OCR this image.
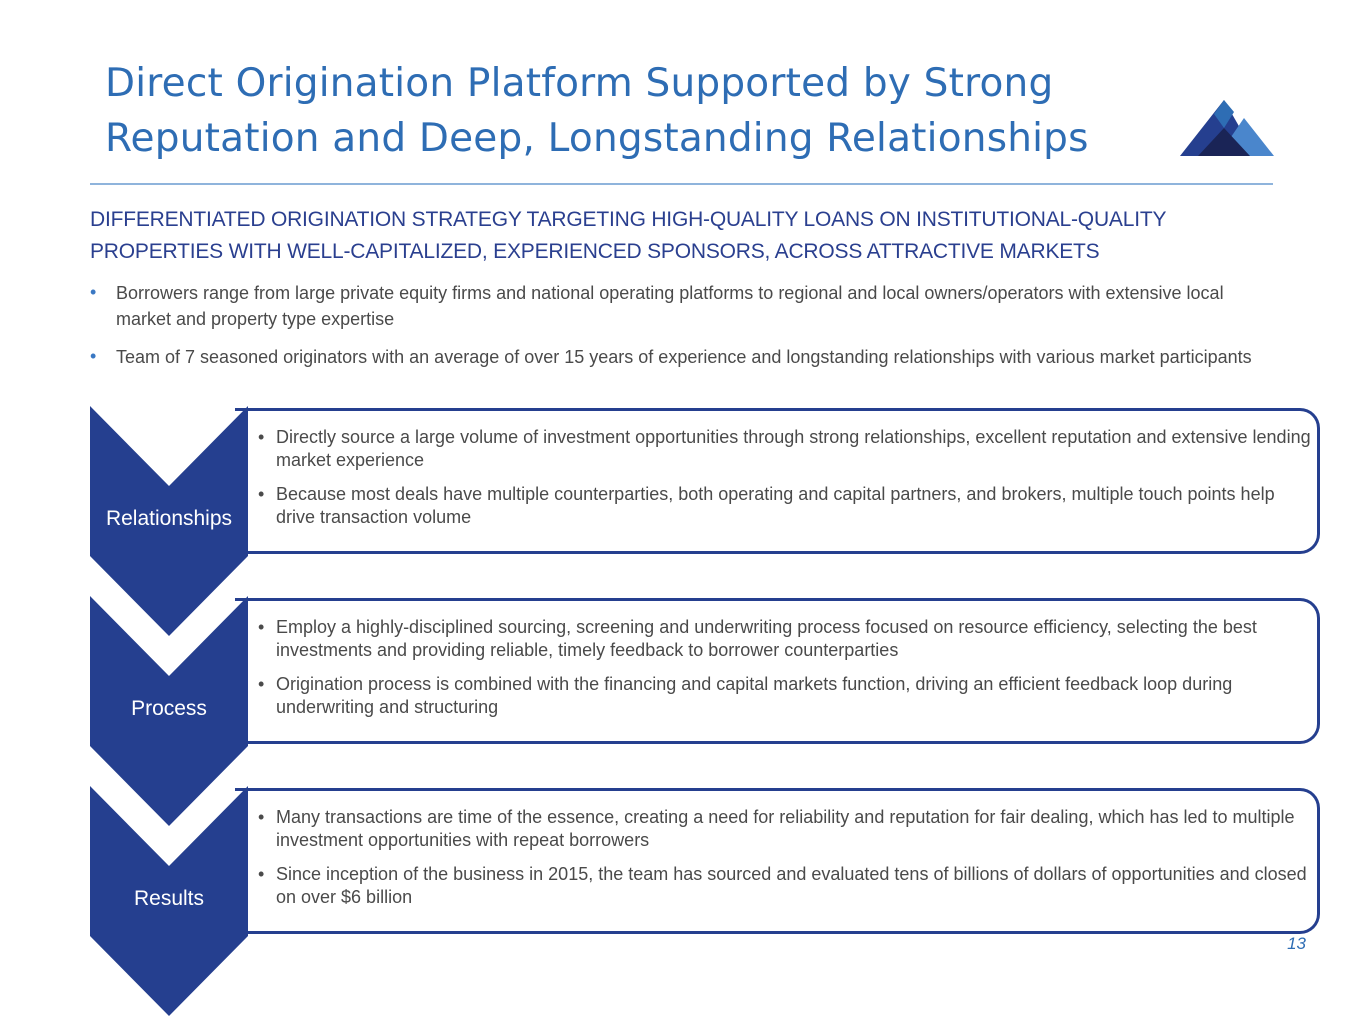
Direct Origination Platform Supported by Strong Reputation and Deep, Longstanding Relationships
DIFFERENTIATED ORIGINATION STRATEGY TARGETING HIGH-QUALITY LOANS ON INSTITUTIONAL-QUALITY PROPERTIES WITH WELL-CAPITALIZED, EXPERIENCED SPONSORS, ACROSS ATTRACTIVE MARKETS
• Borrowers range from large private equity firms and national operating platforms to regional and local owners/operators with extensive local market and property type expertise
• Team of 7 seasoned originators with an average of over 15 years of experience and longstanding relationships with various market participants
Relationships
• Directly source a large volume of investment opportunities through strong relationships, excellent reputation and extensive lending market experience
• Because most deals have multiple counterparties, both operating and capital partners, and brokers, multiple touch points help drive transaction volume
Process
• Employ a highly-disciplined sourcing, screening and underwriting process focused on resource efficiency, selecting the best investments and providing reliable, timely feedback to borrower counterparties
• Origination process is combined with the financing and capital markets function, driving an efficient feedback loop during underwriting and structuring
Results
• Many transactions are time of the essence, creating a need for reliability and reputation for fair dealing, which has led to multiple investment opportunities with repeat borrowers
• Since inception of the business in 2015, the team has sourced and evaluated tens of billions of dollars of opportunities and closed on over $6 billion
13
